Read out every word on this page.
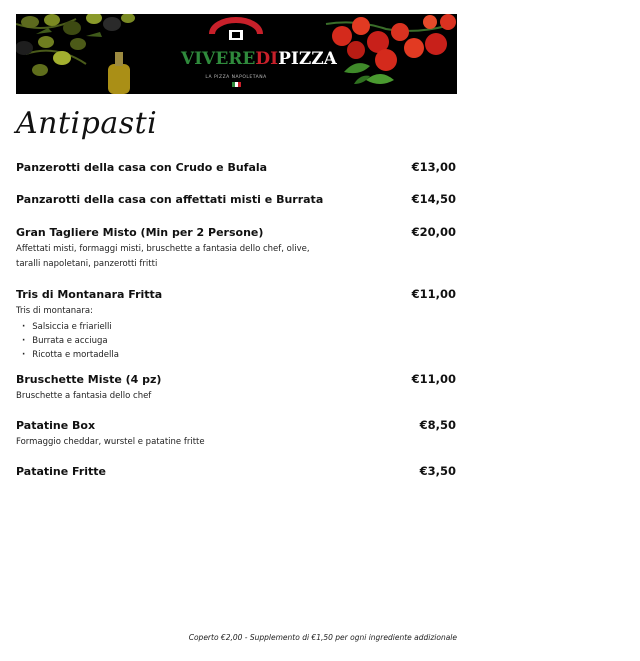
VIVEREDIPIZZA
LA PIZZA NAPOLETANA
Antipasti
Panzerotti della casa con Crudo e Bufala	€13,00
Panzarotti della casa con affettati misti e Burrata	€14,50
Gran Tagliere Misto (Min per 2 Persone)	€20,00
Affettati misti, formaggi misti, bruschette a fantasia dello chef, olive, taralli napoletani, panzerotti fritti
Tris di Montanara Fritta	€11,00
Tris di montanara:
· Salsiccia e friarielli
· Burrata e acciuga
· Ricotta e mortadella
Bruschette Miste (4 pz)	€11,00
Bruschette a fantasia dello chef
Patatine Box	€8,50
Formaggio cheddar, wurstel e patatine fritte
Patatine Fritte	€3,50
Coperto €2,00 - Supplemento di €1,50 per ogni ingrediente addizionale
